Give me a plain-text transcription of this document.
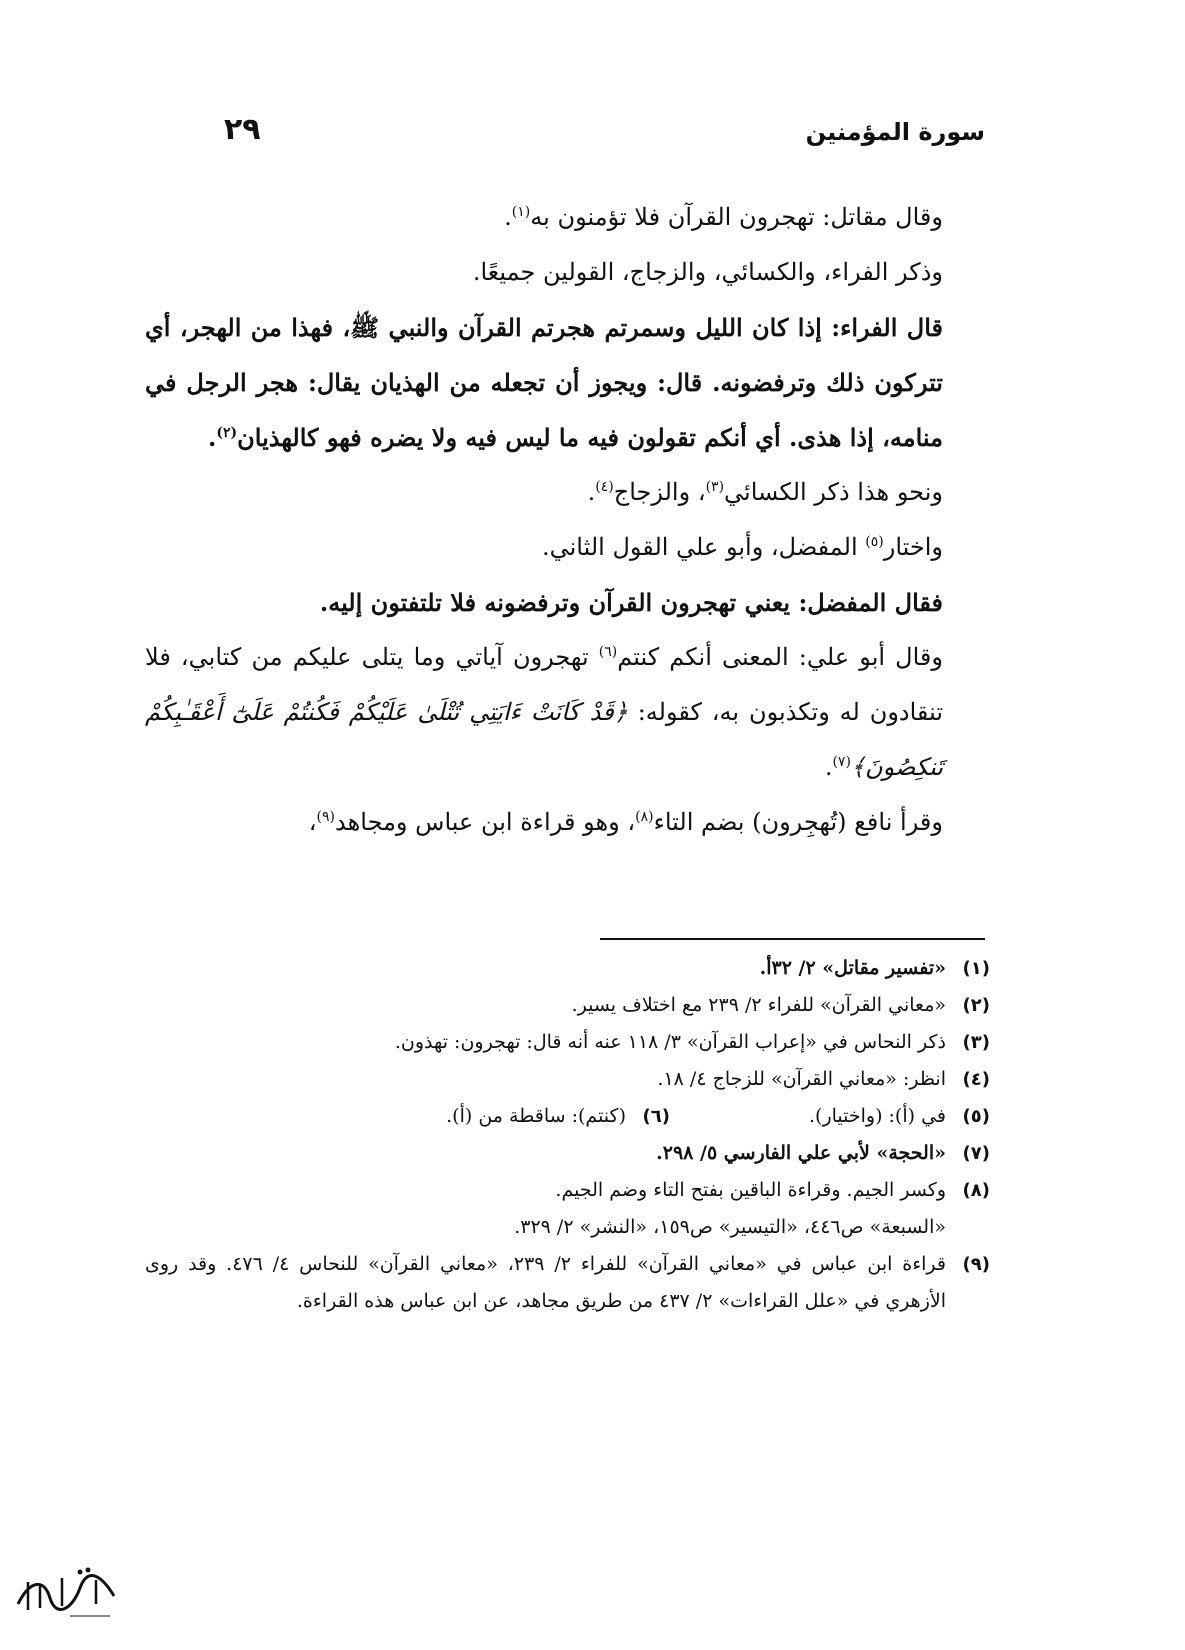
٢٩	سورة المؤمنين

وقال مقاتل: تهجرون القرآن فلا تؤمنون به$^{(١)}$.

وذكر الفراء، والكسائي، والزجاج، القولين جميعًا.

قال الفراء: إذا كان الليل وسمرتم هجرتم القرآن والنبي ﷺ، فهذا من الهجر، أي تتركون ذلك وترفضونه. قال: ويجوز أن تجعله من الهذيان يقال: هجر الرجل في منامه، إذا هذى. أي أنكم تقولون فيه ما ليس فيه ولا يضره فهو كالهذيان$^{(٢)}$.

ونحو هذا ذكر الكسائي$^{(٣)}$، والزجاج$^{(٤)}$.

واختار$^{(٥)}$ المفضل، وأبو علي القول الثاني.

فقال المفضل: يعني تهجرون القرآن وترفضونه فلا تلتفتون إليه.

وقال أبو علي: المعنى أنكم كنتم$^{(٦)}$ تهجرون آياتي وما يتلى عليكم من كتابي، فلا تنقادون له وتكذبون به، كقوله: ﴿قَدْ كَانَتْ ءَايَتِي تُتْلَىٰ عَلَيْكُمْ فَكُنتُمْ عَلَىٰٓ أَعْقَـٰبِكُمْ تَنكِصُونَ﴾$^{(٧)}$.

وقرأ نافع (تُهجِرون) بضم التاء$^{(٨)}$، وهو قراءة ابن عباس ومجاهد$^{(٩)}$،

(١)
«تفسير مقاتل» ٢/ ٣٢أ.
(٢)
«معاني القرآن» للفراء ٢/ ٢٣٩ مع اختلاف يسير.
(٣)
ذكر النحاس في «إعراب القرآن» ٣/ ١١٨ عنه أنه قال: تهجرون: تهذون.
(٤)
انظر: «معاني القرآن» للزجاج ٤/ ١٨.
(٥)
في (أ): (واختيار).
(٦)
(كنتم): ساقطة من (أ).
(٧)
«الحجة» لأبي علي الفارسي ٥/ ٢٩٨.
(٨)
وكسر الجيم. وقراءة الباقين بفتح التاء وضم الجيم.
«السبعة» ص٤٤٦، «التيسير» ص١٥٩، «النشر» ٢/ ٣٢٩.
(٩)
قراءة ابن عباس في «معاني القرآن» للفراء ٢/ ٢٣٩، «معاني القرآن» للنحاس ٤/ ٤٧٦. وقد روى الأزهري في «علل القراءات» ٢/ ٤٣٧ من طريق مجاهد، عن ابن عباس هذه القراءة.
